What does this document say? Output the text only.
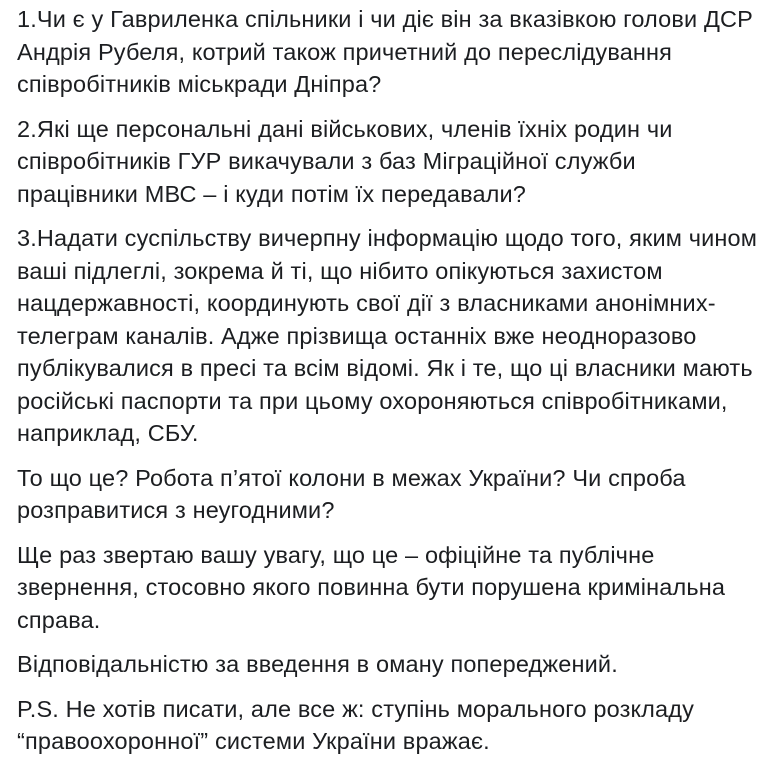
1.Чи є у Гавриленка спільники і чи діє він за вказівкою голови ДСР
Андрія Рубеля, котрий також причетний до переслідування
співробітників міськради Дніпра?

2.Які ще персональні дані військових, членів їхніх родин чи
співробітників ГУР викачували з баз Міграційної служби
працівники МВС – і куди потім їх передавали?

3.Надати суспільству вичерпну інформацію щодо того, яким чином
ваші підлеглі, зокрема й ті, що нібито опікуються захистом
нацдержавності, координують свої дії з власниками анонімних-
телеграм каналів. Адже прізвища останніх вже неодноразово
публікувалися в пресі та всім відомі. Як і те, що ці власники мають
російські паспорти та при цьому охороняються співробітниками,
наприклад, СБУ.

То що це? Робота п’ятої колони в межах України? Чи спроба
розправитися з неугодними?

Ще раз звертаю вашу увагу, що це – офіційне та публічне
звернення, стосовно якого повинна бути порушена кримінальна
справа.

Відповідальністю за введення в оману попереджений.

P.S. Не хотів писати, але все ж: ступінь морального розкладу
“правоохоронної” системи України вражає.
